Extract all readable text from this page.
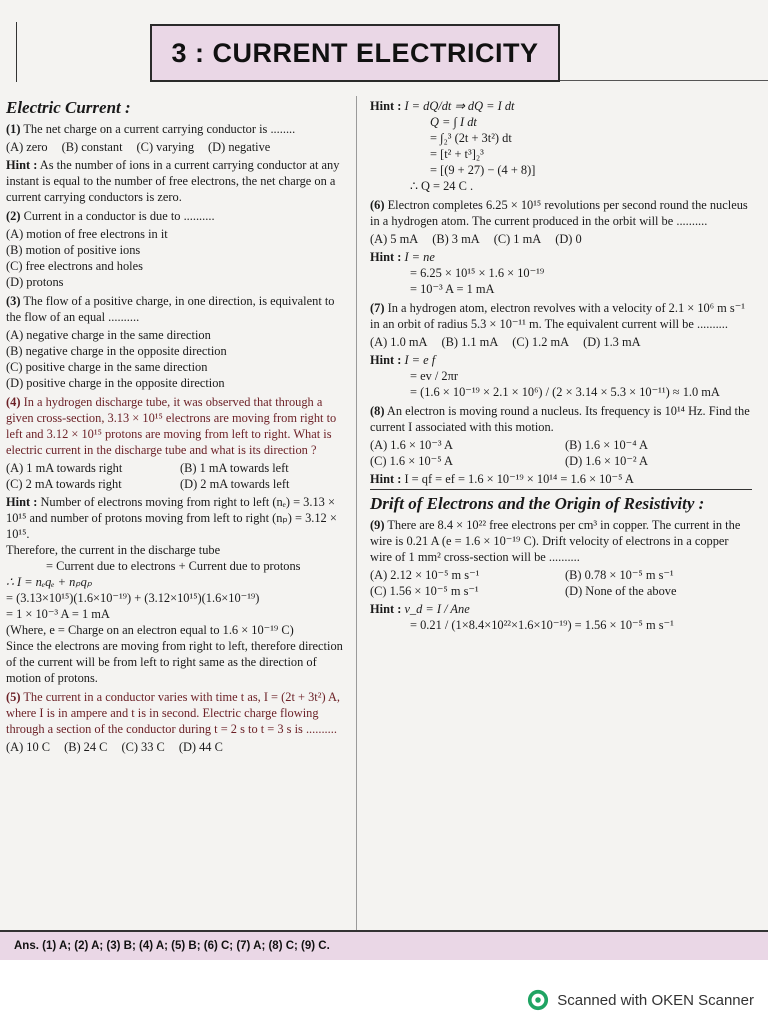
3 : CURRENT ELECTRICITY
Electric Current :
(1) The net charge on a current carrying conductor is ........
(A) zero (B) constant (C) varying (D) negative
Hint : As the number of ions in a current carrying conductor at any instant is equal to the number of free electrons, the net charge on a current carrying conductors is zero.
(2) Current in a conductor is due to ..........
(A) motion of free electrons in it
(B) motion of positive ions
(C) free electrons and holes
(D) protons
(3) The flow of a positive charge, in one direction, is equivalent to the flow of an equal ..........
(A) negative charge in the same direction
(B) negative charge in the opposite direction
(C) positive charge in the same direction
(D) positive charge in the opposite direction
(4) In a hydrogen discharge tube, it was observed that through a given cross-section, 3.13 × 10¹⁵ electrons are moving from right to left and 3.12 × 10¹⁵ protons are moving from left to right. What is electric current in the discharge tube and what is its direction ?
(A) 1 mA towards right	(B) 1 mA towards left
(C) 2 mA towards right	(D) 2 mA towards left
Hint : Number of electrons moving from right to left (nₑ) = 3.13 × 10¹⁵ and number of protons moving from left to right (nₚ) = 3.12 × 10¹⁵.
Therefore, the current in the discharge tube
= Current due to electrons + Current due to protons
∴ I = nₑqₑ + nₚqₚ
= (3.13×10¹⁵)(1.6×10⁻¹⁹) + (3.12×10¹⁵)(1.6×10⁻¹⁹)
= 1 × 10⁻³ A = 1 mA
(Where, e = Charge on an electron equal to 1.6 × 10⁻¹⁹ C)
Since the electrons are moving from right to left, therefore direction of the current will be from left to right same as the direction of motion of protons.
(5) The current in a conductor varies with time t as, I = (2t + 3t²) A, where I is in ampere and t is in second. Electric charge flowing through a section of the conductor during t = 2 s to t = 3 s is ..........
(A) 10 C (B) 24 C (C) 33 C (D) 44 C
Hint : I = dQ/dt ⇒ dQ = I dt
Q = ∫ I dt
= ∫₂³ (2t + 3t²) dt
= [t² + t³]₂³
= [(9 + 27) − (4 + 8)]
∴ Q = 24 C .
(6) Electron completes 6.25 × 10¹⁵ revolutions per second round the nucleus in a hydrogen atom. The current produced in the orbit will be ..........
(A) 5 mA (B) 3 mA (C) 1 mA (D) 0
Hint : I = ne
= 6.25 × 10¹⁵ × 1.6 × 10⁻¹⁹
= 10⁻³ A = 1 mA
(7) In a hydrogen atom, electron revolves with a velocity of 2.1 × 10⁶ m s⁻¹ in an orbit of radius 5.3 × 10⁻¹¹ m. The equivalent current will be ..........
(A) 1.0 mA (B) 1.1 mA (C) 1.2 mA (D) 1.3 mA
Hint : I = e f
= ev / 2πr
= (1.6 × 10⁻¹⁹ × 2.1 × 10⁶) / (2 × 3.14 × 5.3 × 10⁻¹¹) ≈ 1.0 mA
(8) An electron is moving round a nucleus. Its frequency is 10¹⁴ Hz. Find the current I associated with this motion.
(A) 1.6 × 10⁻³ A	(B) 1.6 × 10⁻⁴ A
(C) 1.6 × 10⁻⁵ A	(D) 1.6 × 10⁻² A
Hint : I = qf = ef = 1.6 × 10⁻¹⁹ × 10¹⁴ = 1.6 × 10⁻⁵ A
Drift of Electrons and the Origin of Resistivity :
(9) There are 8.4 × 10²² free electrons per cm³ in copper. The current in the wire is 0.21 A (e = 1.6 × 10⁻¹⁹ C). Drift velocity of electrons in a copper wire of 1 mm² cross-section will be ..........
(A) 2.12 × 10⁻⁵ m s⁻¹	(B) 0.78 × 10⁻⁵ m s⁻¹
(C) 1.56 × 10⁻⁵ m s⁻¹	(D) None of the above
Hint : v_d = I / Ane
= 0.21 / (1×8.4×10²²×1.6×10⁻¹⁹) = 1.56 × 10⁻⁵ m s⁻¹
Ans. (1) A; (2) A; (3) B; (4) A; (5) B; (6) C; (7) A; (8) C; (9) C.
Scanned with OKEN Scanner
